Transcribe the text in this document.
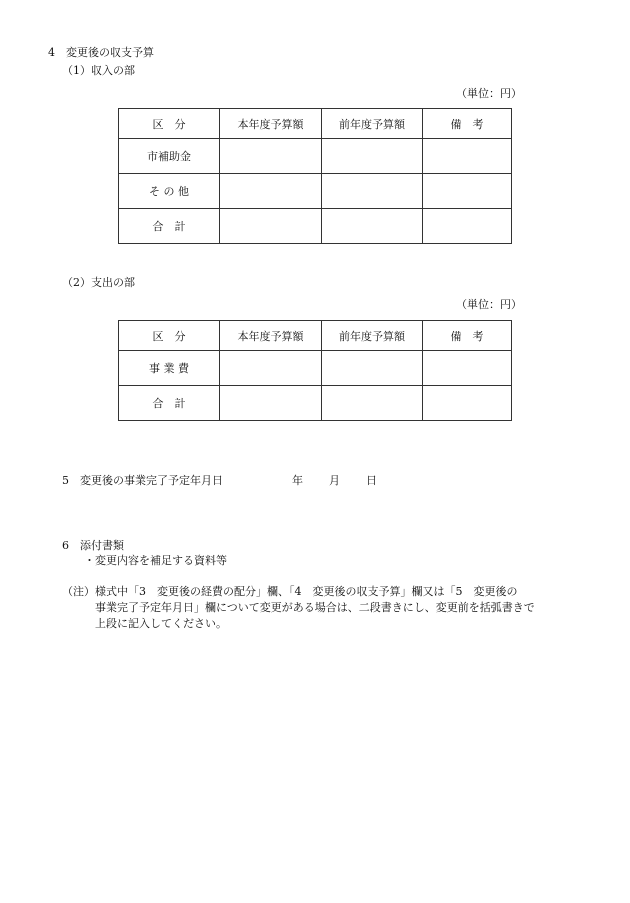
4　変更後の収支予算
（1）収入の部
（単位：円）
区　分	本年度予算額	前年度予算額	備　考
市補助金			
そ の 他			
合　計			
（2）支出の部
（単位：円）
区　分	本年度予算額	前年度予算額	備　考
事 業 費			
合　計			
5　変更後の事業完了予定年月日	年 月 日
6　添付書類
・変更内容を補足する資料等
（注）様式中「3　変更後の経費の配分」欄、「4　変更後の収支予算」欄又は「5　変更後の
事業完了予定年月日」欄について変更がある場合は、二段書きにし、変更前を括弧書きで
上段に記入してください。
